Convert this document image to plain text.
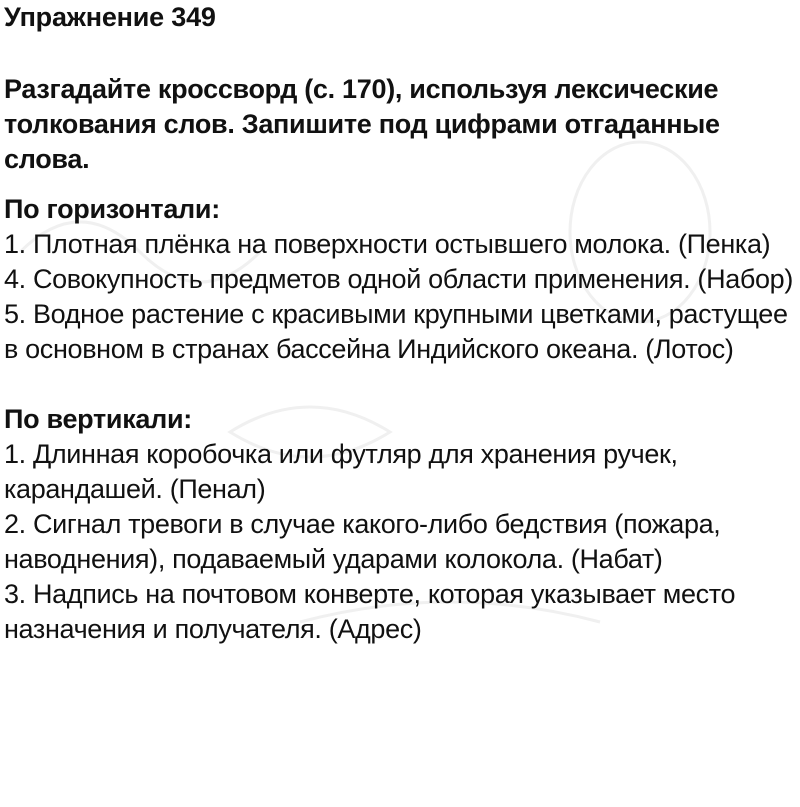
Упражнение 349
Разгадайте кроссворд (с. 170), используя лексические толкования слов. Запишите под цифрами отгаданные слова.
По горизонтали:
1. Плотная плёнка на поверхности остывшего молока. (Пенка)
4. Совокупность предметов одной области применения. (Набор)
5. Водное растение с красивыми крупными цветками, растущее в основном в странах бассейна Индийского океана. (Лотос)
По вертикали:
1. Длинная коробочка или футляр для хранения ручек, карандашей. (Пенал)
2. Сигнал тревоги в случае какого-либо бедствия (пожара, наводнения), подаваемый ударами колокола. (Набат)
3. Надпись на почтовом конверте, которая указывает место назначения и получателя. (Адрес)
